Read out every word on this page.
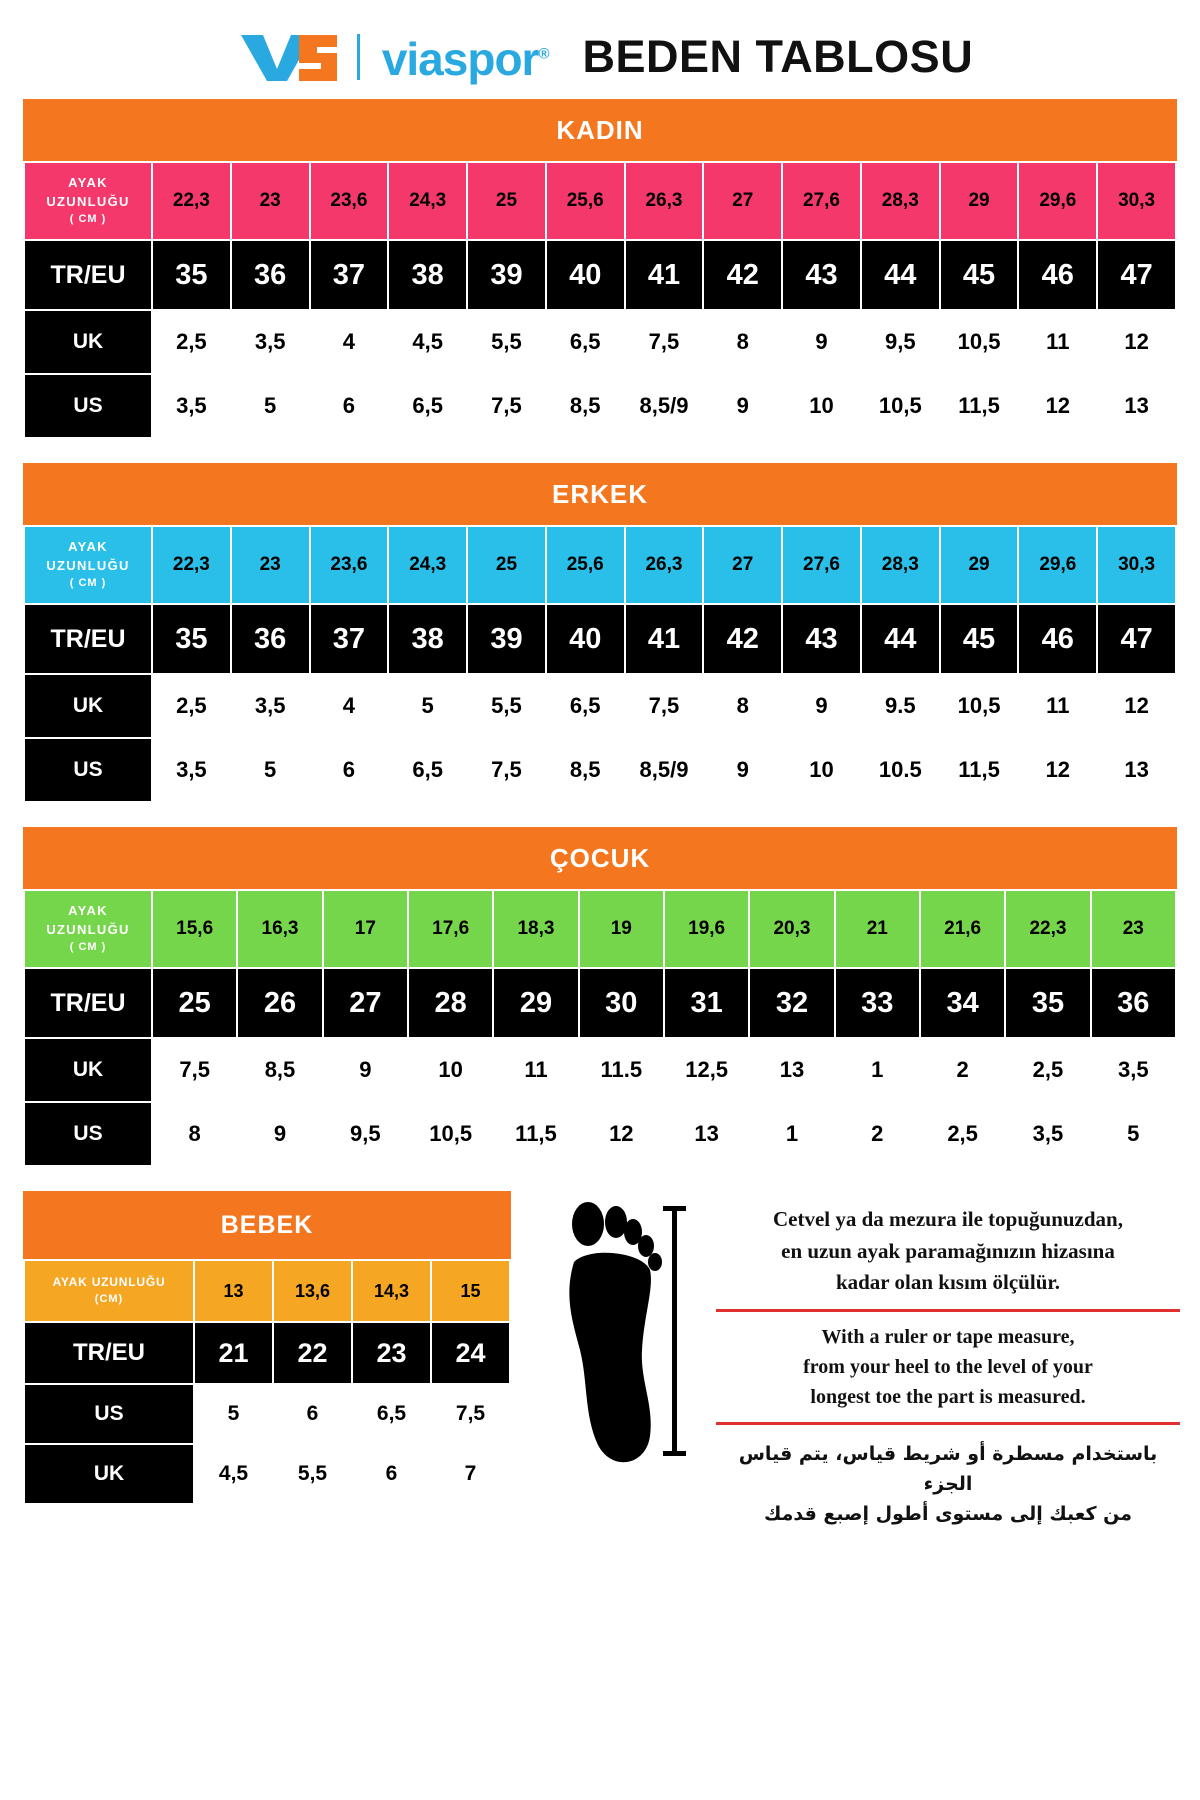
viaspor® BEDEN TABLOSU
KADIN
AYAK
UZUNLUĞU
( CM )	22,3	23	23,6	24,3	25	25,6	26,3	27	27,6	28,3	29	29,6	30,3
TR/EU	35	36	37	38	39	40	41	42	43	44	45	46	47
UK	2,5	3,5	4	4,5	5,5	6,5	7,5	8	9	9,5	10,5	11	12
US	3,5	5	6	6,5	7,5	8,5	8,5/9	9	10	10,5	11,5	12	13
ERKEK
AYAK
UZUNLUĞU
( CM )	22,3	23	23,6	24,3	25	25,6	26,3	27	27,6	28,3	29	29,6	30,3
TR/EU	35	36	37	38	39	40	41	42	43	44	45	46	47
UK	2,5	3,5	4	5	5,5	6,5	7,5	8	9	9.5	10,5	11	12
US	3,5	5	6	6,5	7,5	8,5	8,5/9	9	10	10.5	11,5	12	13
ÇOCUK
AYAK
UZUNLUĞU
( CM )	15,6	16,3	17	17,6	18,3	19	19,6	20,3	21	21,6	22,3	23
TR/EU	25	26	27	28	29	30	31	32	33	34	35	36
UK	7,5	8,5	9	10	11	11.5	12,5	13	1	2	2,5	3,5
US	8	9	9,5	10,5	11,5	12	13	1	2	2,5	3,5	5
BEBEK
AYAK UZUNLUĞU
(CM)	13	13,6	14,3	15
TR/EU	21	22	23	24
US	5	6	6,5	7,5
UK	4,5	5,5	6	7
Cetvel ya da mezura ile topuğunuzdan,
en uzun ayak paramağınızın hizasına
kadar olan kısım ölçülür.
With a ruler or tape measure,
from your heel to the level of your
longest toe the part is measured.
باستخدام مسطرة أو شريط قياس، يتم قياس الجزء
من كعبك إلى مستوى أطول إصبع قدمك
